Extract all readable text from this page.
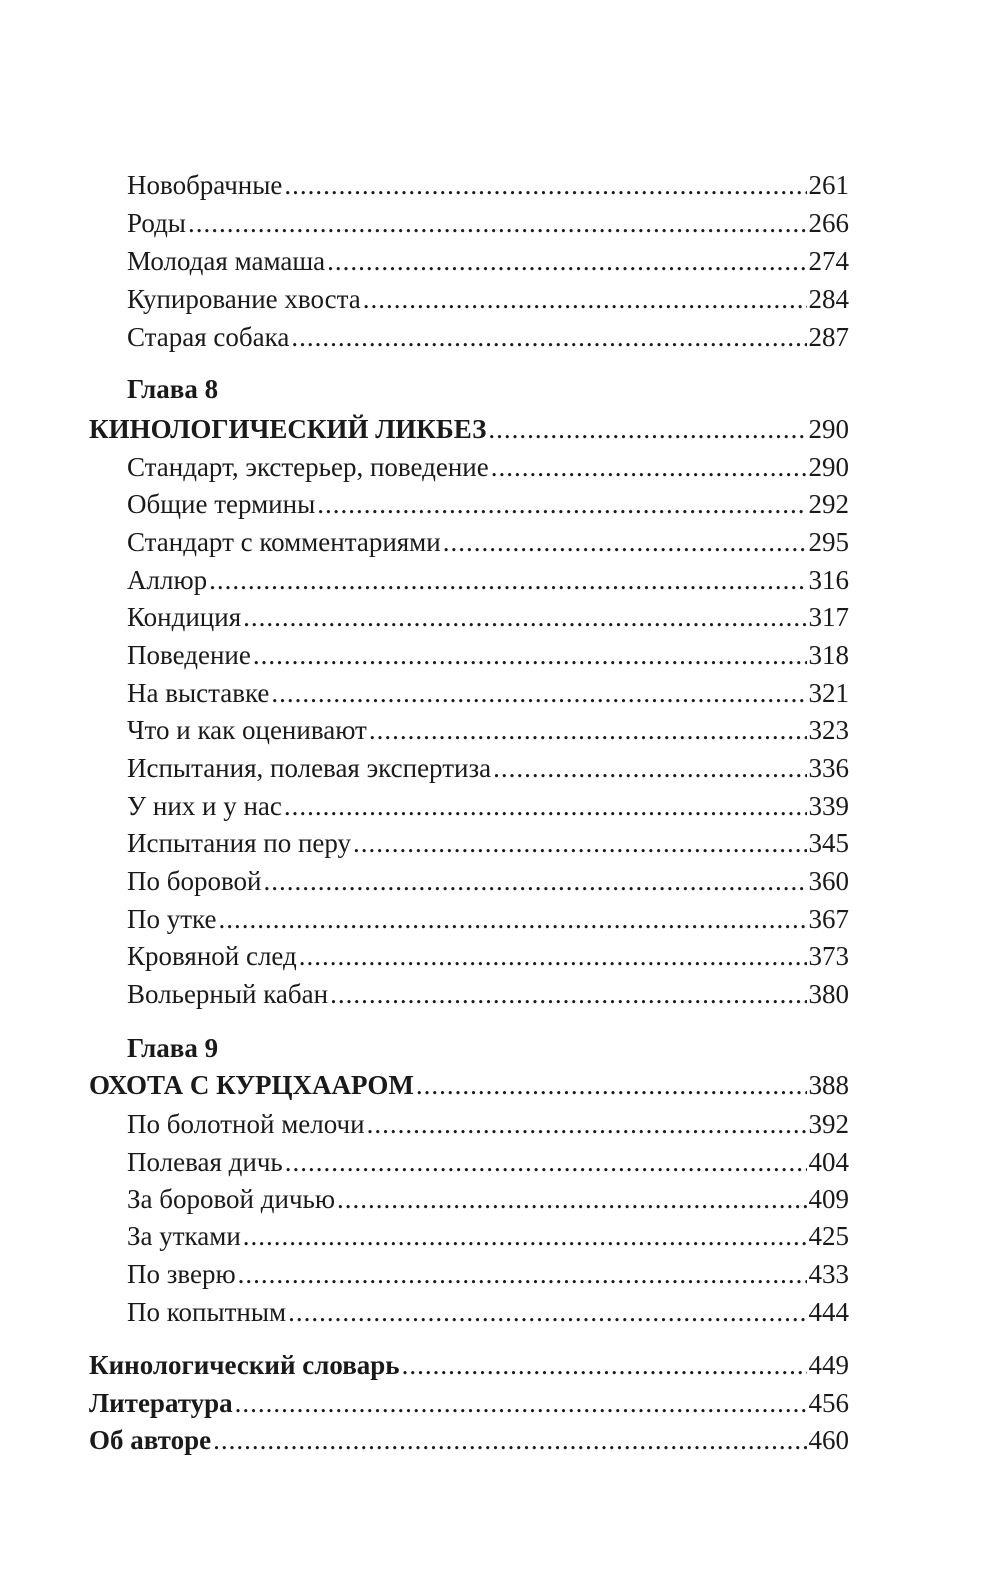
Новобрачные .....	261
Роды .....	266
Молодая мамаша .....	274
Купирование хвоста .....	284
Старая собака .....	287
Глава 8
КИНОЛОГИЧЕСКИЙ ЛИКБЕЗ .....	290
Стандарт, экстерьер, поведение .....	290
Общие термины .....	292
Стандарт с комментариями .....	295
Аллюр .....	316
Кондиция .....	317
Поведение .....	318
На выставке .....	321
Что и как оценивают .....	323
Испытания, полевая экспертиза .....	336
У них и у нас .....	339
Испытания по перу .....	345
По боровой .....	360
По утке .....	367
Кровяной след .....	373
Вольерный кабан .....	380
Глава 9
ОХОТА С КУРЦХААРОМ .....	388
По болотной мелочи .....	392
Полевая дичь .....	404
За боровой дичью .....	409
За утками .....	425
По зверю .....	433
По копытным .....	444
Кинологический словарь .....	449
Литература .....	456
Об авторе .....	460
